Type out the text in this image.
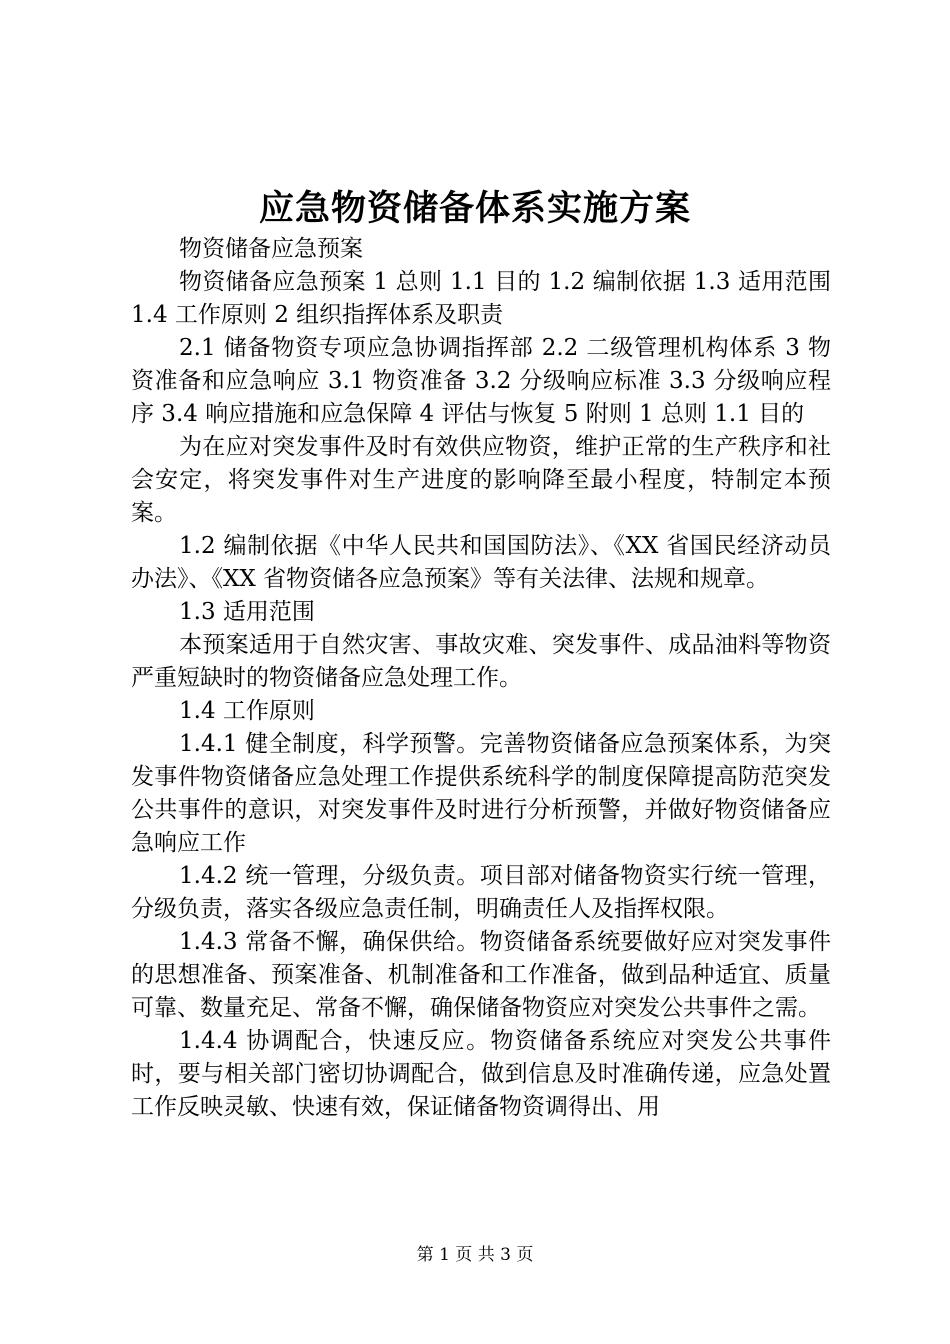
应急物资储备体系实施方案

物资储备应急预案

物资储备应急预案 1 总则 1.1 目的 1.2 编制依据 1.3 适用范围 1.4 工作原则 2 组织指挥体系及职责

2.1 储备物资专项应急协调指挥部 2.2 二级管理机构体系 3 物资准备和应急响应 3.1 物资准备 3.2 分级响应标准 3.3 分级响应程序 3.4 响应措施和应急保障 4 评估与恢复 5 附则 1 总则 1.1 目的

为在应对突发事件及时有效供应物资，维护正常的生产秩序和社会安定，将突发事件对生产进度的影响降至最小程度，特制定本预案。

1.2 编制依据《中华人民共和国国防法》、《XX 省国民经济动员办法》、《XX 省物资储各应急预案》等有关法律、法规和规章。

1.3 适用范围

本预案适用于自然灾害、事故灾难、突发事件、成品油料等物资严重短缺时的物资储备应急处理工作。

1.4 工作原则

1.4.1 健全制度，科学预警。完善物资储备应急预案体系，为突发事件物资储备应急处理工作提供系统科学的制度保障提高防范突发公共事件的意识，对突发事件及时进行分析预警，并做好物资储备应急响应工作

1.4.2 统一管理，分级负责。项目部对储备物资实行统一管理，分级负责，落实各级应急责任制，明确责任人及指挥权限。

1.4.3 常备不懈，确保供给。物资储备系统要做好应对突发事件的思想准备、预案准备、机制准备和工作准备，做到品种适宜、质量可靠、数量充足、常备不懈，确保储备物资应对突发公共事件之需。

1.4.4 协调配合，快速反应。物资储备系统应对突发公共事件时，要与相关部门密切协调配合，做到信息及时准确传递，应急处置工作反映灵敏、快速有效，保证储备物资调得出、用

第 1 页 共 3 页
